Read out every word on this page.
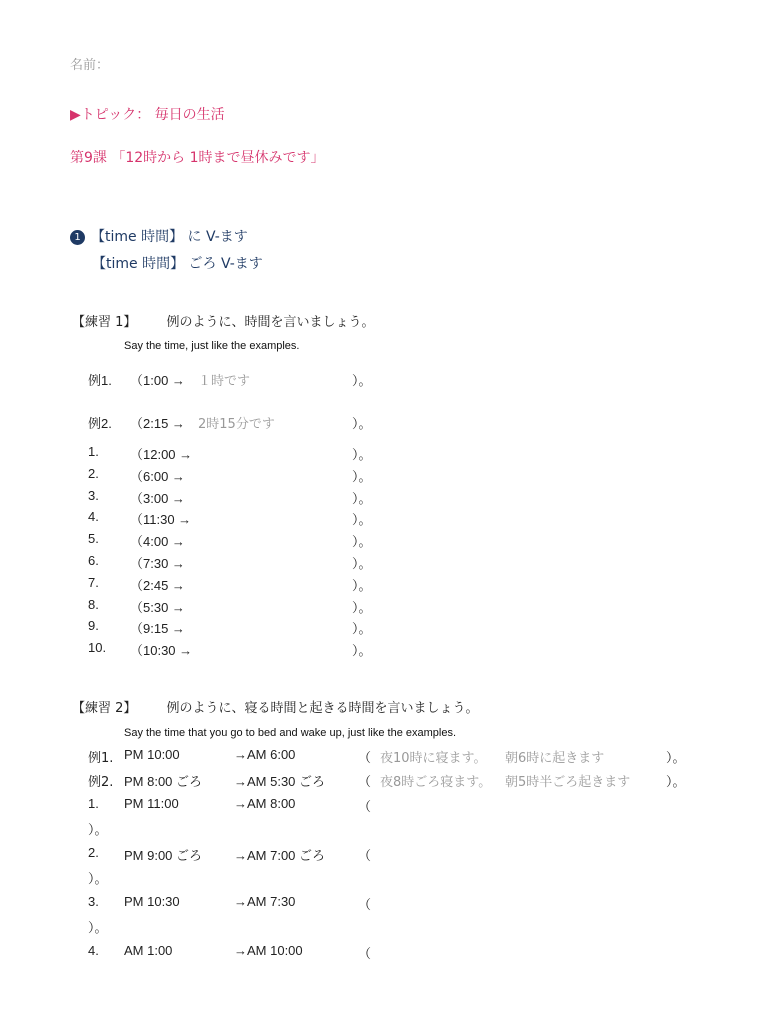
名前：
▶トピック： 毎日の生活
第9課 「12時から 1時まで昼休みです」
1 【time 時間】 に V-ます
【time 時間】 ごろ V-ます
【練習 1】 例のように、時間を言いましょう。
Say the time, just like the examples.
例1. （1:00 → １時です	）。
例2. （2:15 → 2時15分です	）。
1. （12:00 →	）。
2. （6:00 →	）。
3. （3:00 →	）。
4. （11:30 →	）。
5. （4:00 →	）。
6. （7:30 →	）。
7. （2:45 →	）。
8. （5:30 →	）。
9. （9:15 →	）。
10. （10:30 →	）。
【練習 2】 例のように、寝る時間と起きる時間を言いましょう。
Say the time that you go to bed and wake up, just like the examples.
例1. PM 10:00	→AM 6:00	（ 夜10時に寝ます。 朝6時に起きます	）。
例2. PM 8:00 ごろ →AM 5:30 ごろ	（ 夜8時ごろ寝ます。 朝5時半ごろ起きます	）。
1. PM 11:00	→AM 8:00	（
）。
2. PM 9:00 ごろ →AM 7:00 ごろ	（
）。
3. PM 10:30	→AM 7:30	（
）。
4. AM 1:00	→AM 10:00	（
